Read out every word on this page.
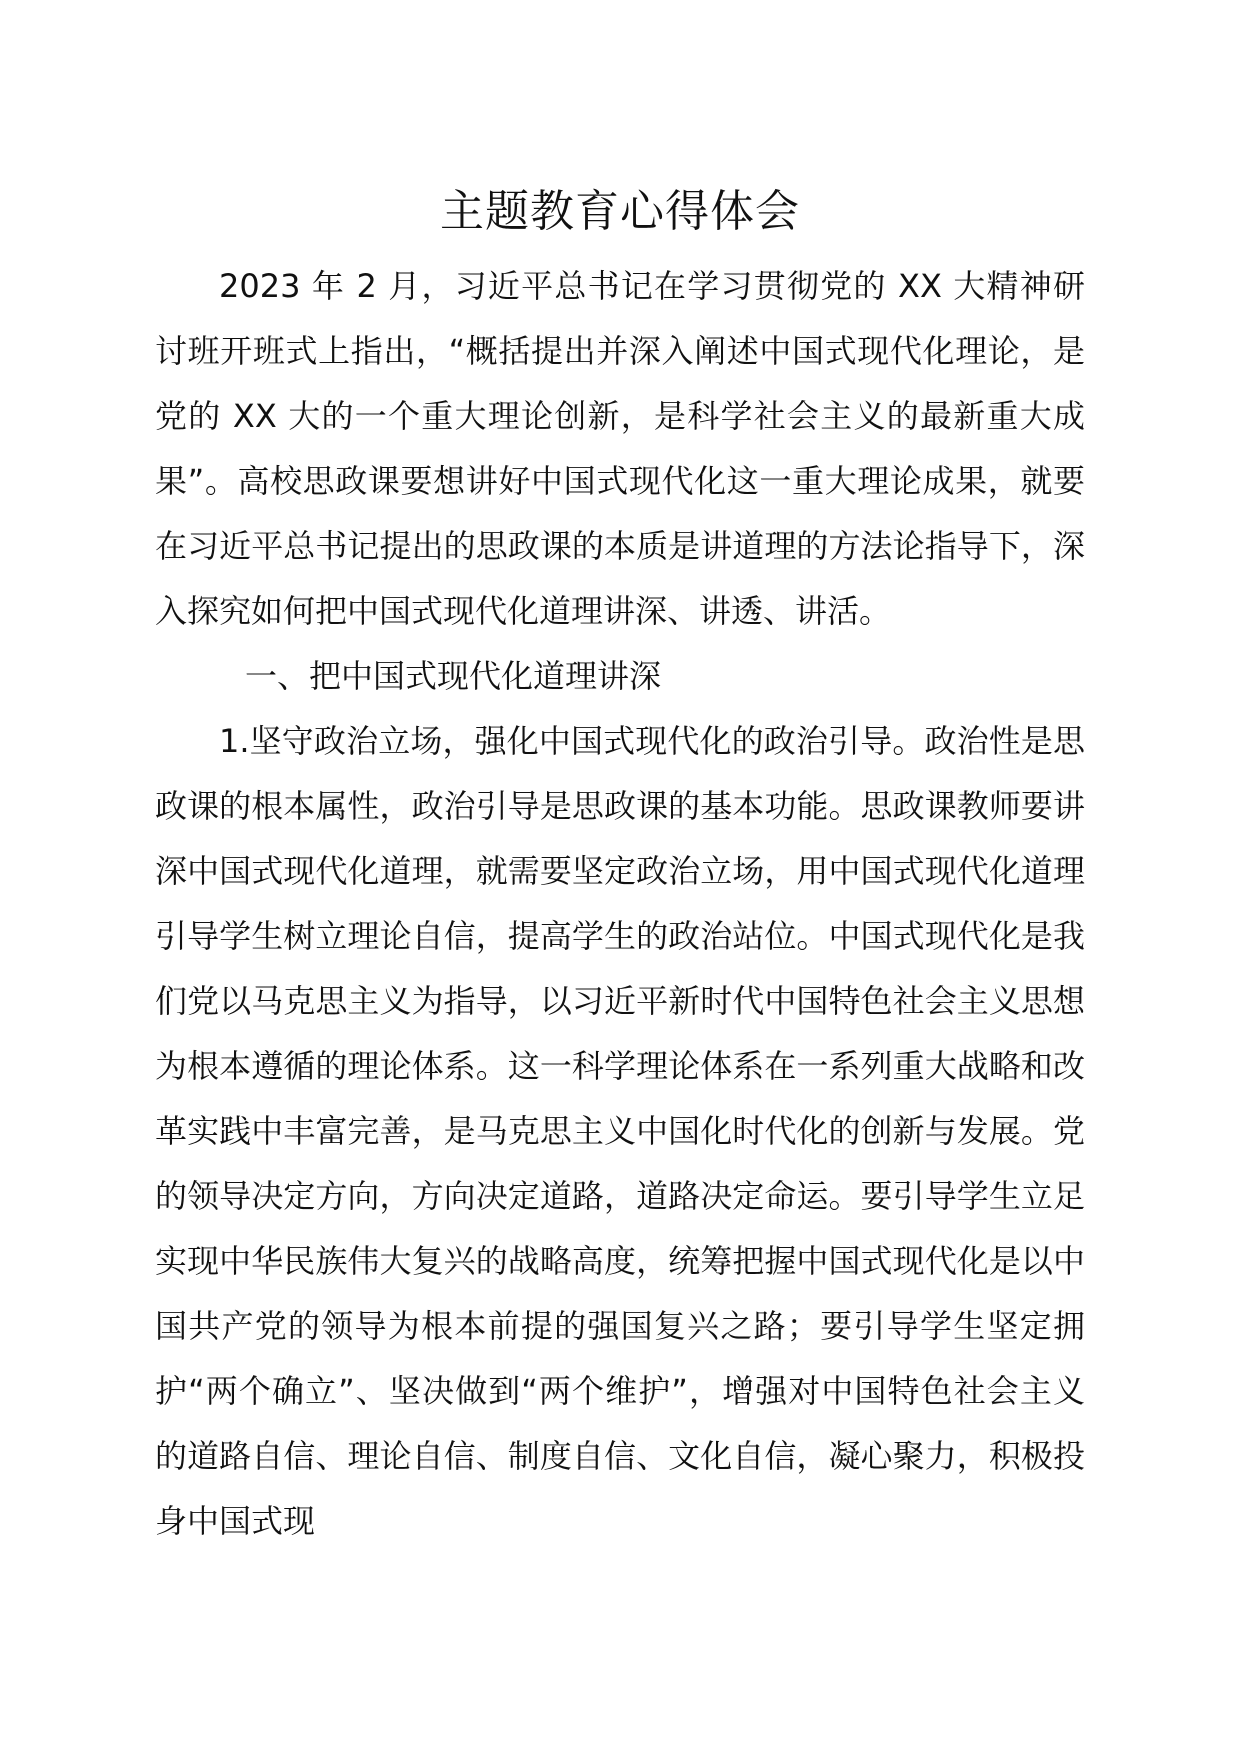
主题教育心得体会

2023 年 2 月，习近平总书记在学习贯彻党的 XX 大精神研讨班开班式上指出，“概括提出并深入阐述中国式现代化理论，是党的 XX 大的一个重大理论创新，是科学社会主义的最新重大成果”。高校思政课要想讲好中国式现代化这一重大理论成果，就要在习近平总书记提出的思政课的本质是讲道理的方法论指导下，深入探究如何把中国式现代化道理讲深、讲透、讲活。

一、把中国式现代化道理讲深

1.坚守政治立场，强化中国式现代化的政治引导。政治性是思政课的根本属性，政治引导是思政课的基本功能。思政课教师要讲深中国式现代化道理，就需要坚定政治立场，用中国式现代化道理引导学生树立理论自信，提高学生的政治站位。中国式现代化是我们党以马克思主义为指导，以习近平新时代中国特色社会主义思想为根本遵循的理论体系。这一科学理论体系在一系列重大战略和改革实践中丰富完善，是马克思主义中国化时代化的创新与发展。党的领导决定方向，方向决定道路，道路决定命运。要引导学生立足实现中华民族伟大复兴的战略高度，统筹把握中国式现代化是以中国共产党的领导为根本前提的强国复兴之路；要引导学生坚定拥护“两个确立”、坚决做到“两个维护”，增强对中国特色社会主义的道路自信、理论自信、制度自信、文化自信，凝心聚力，积极投身中国式现
